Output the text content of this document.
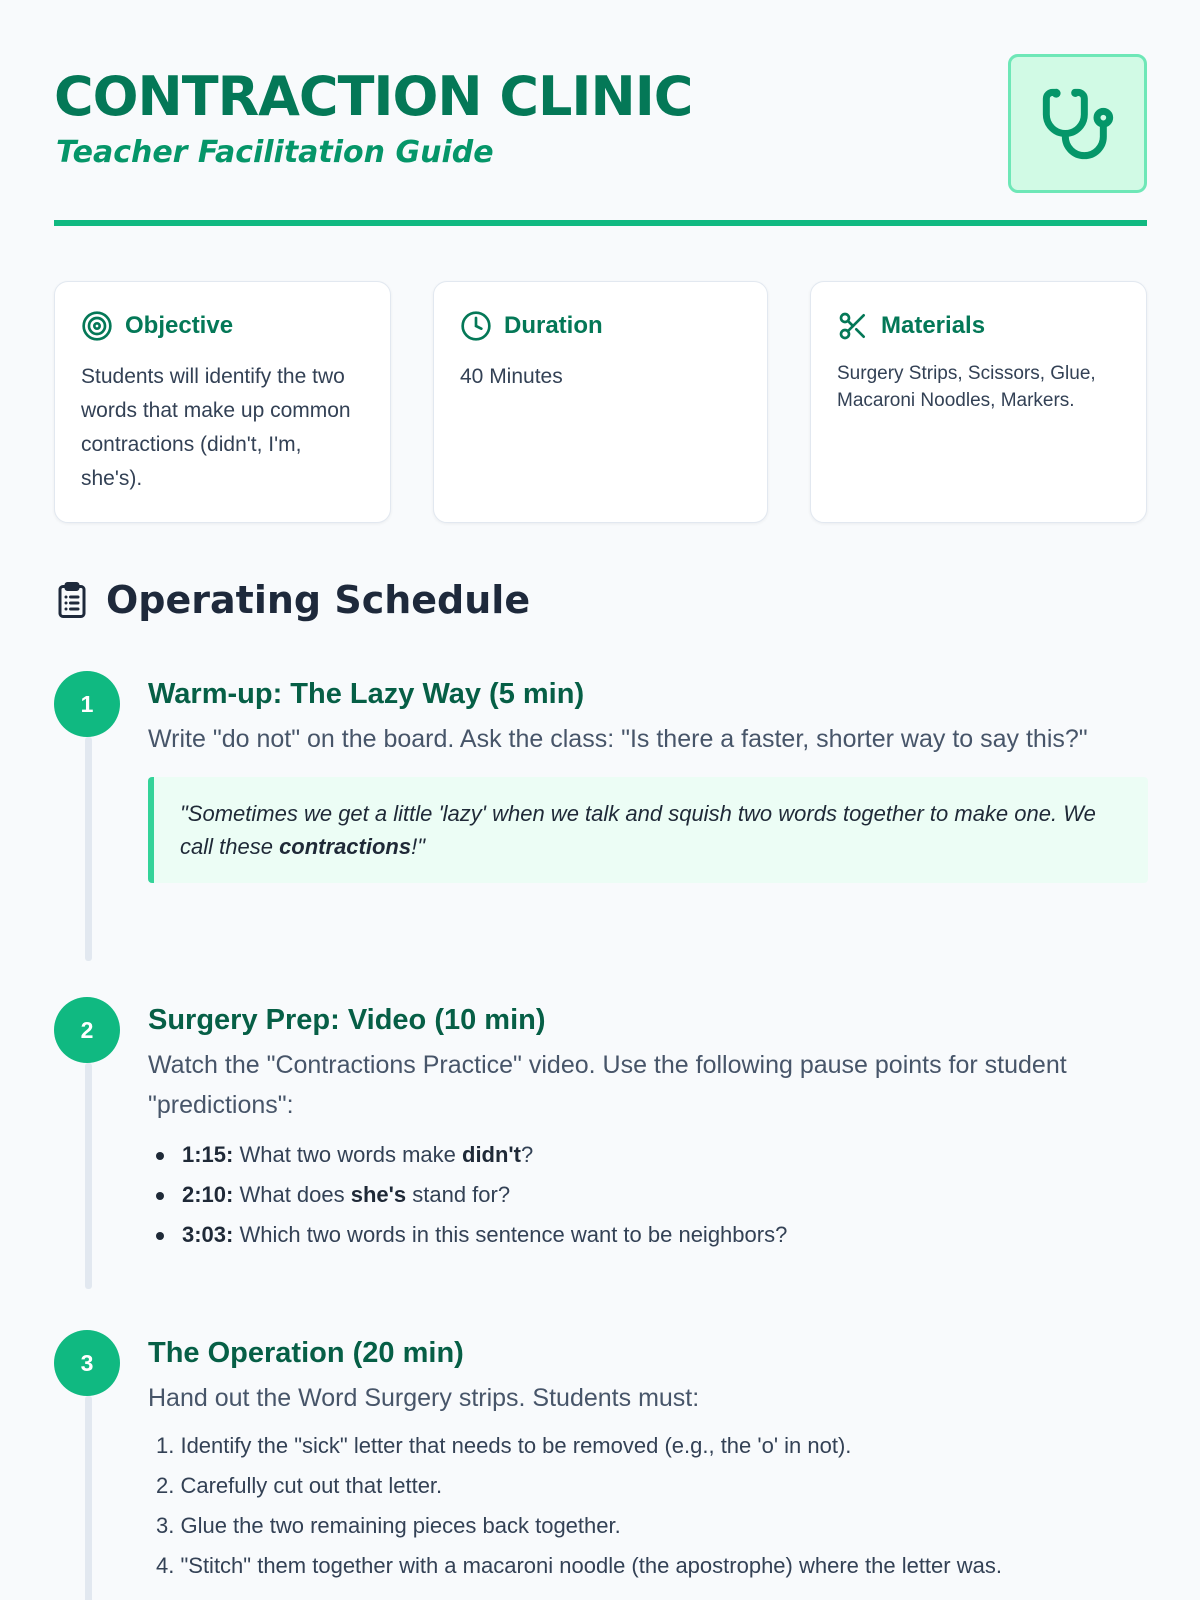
CONTRACTION CLINIC
Teacher Facilitation Guide
Objective
Students will identify the two words that make up common contractions (didn't, I'm, she's).
Duration
40 Minutes
Materials
Surgery Strips, Scissors, Glue, Macaroni Noodles, Markers.
Operating Schedule
1	Warm-up: The Lazy Way (5 min)
Write "do not" on the board. Ask the class: "Is there a faster, shorter way to say this?"
"Sometimes we get a little 'lazy' when we talk and squish two words together to make one. We call these contractions!"
2	Surgery Prep: Video (10 min)
Watch the "Contractions Practice" video. Use the following pause points for student "predictions":
1:15: What two words make didn't?
2:10: What does she's stand for?
3:03: Which two words in this sentence want to be neighbors?
3	The Operation (20 min)
Hand out the Word Surgery strips. Students must:
1. Identify the "sick" letter that needs to be removed (e.g., the 'o' in not).
2. Carefully cut out that letter.
3. Glue the two remaining pieces back together.
4. "Stitch" them together with a macaroni noodle (the apostrophe) where the letter was.
